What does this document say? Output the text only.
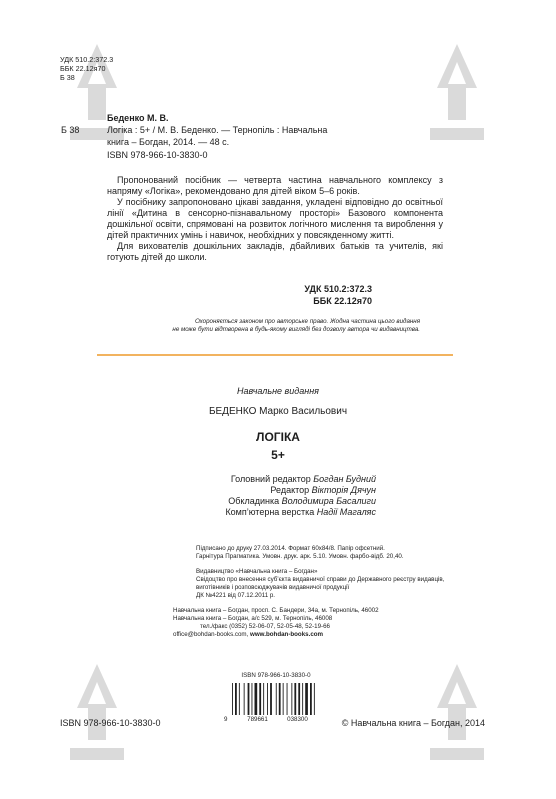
УДК 510.2:372.3
ББК 22.12я70
Б 38
Беденко М. В.
Б 38	Логіка : 5+ / М. В. Беденко. — Тернопіль : Навчальна
книга – Богдан, 2014. — 48 с.
ISBN 978-966-10-3830-0
Пропонований посібник — четверта частина навчального комплексу з напряму «Логіка», рекомендовано для дітей віком 5–6 років.
У посібнику запропоновано цікаві завдання, укладені відповідно до освітньої лінії «Дитина в сенсорно-пізнавальному просторі» Базового компонента дошкільної освіти, спрямовані на розвиток логічного мислення та вироблення у дітей практичних умінь і навичок, необхідних у повсякденному житті.
Для вихователів дошкільних закладів, дбайливих батьків та учителів, які готують дітей до школи.
УДК 510.2:372.3
ББК 22.12я70
Охороняється законом про авторське право. Жодна частина цього видання
не може бути відтворена в будь-якому вигляді без дозволу автора чи видавництва.
Навчальне видання
БЕДЕНКО Марко Васильович
ЛОГІКА
5+
Головний редактор Богдан Будний
Редактор Вікторія Дячун
Обкладинка Володимира Басалиги
Комп’ютерна верстка Надії Магаляс
Підписано до друку 27.03.2014. Формат 60х84/8. Папір офсетний.
Гарнітура Прагматика. Умовн. друк. арк. 5.10. Умовн. фарбо-відб. 20,40.
Видавництво «Навчальна книга – Богдан»
Свідоцтво про внесення суб’єкта видавничої справи до Державного реєстру видавців,
виготівників і розповсюджувачів видавничої продукції
ДК №4221 від 07.12.2011 р.
Навчальна книга – Богдан, просп. С. Бандери, 34а, м. Тернопіль, 46002
Навчальна книга – Богдан, а/с 529, м. Тернопіль, 46008
тел./факс (0352) 52-06-07, 52-05-48, 52-19-66
office@bohdan-books.com, www.bohdan-books.com
ISBN 978-966-10-3830-0
9	789661	038300
ISBN 978-966-10-3830-0	© Навчальна книга – Богдан, 2014
